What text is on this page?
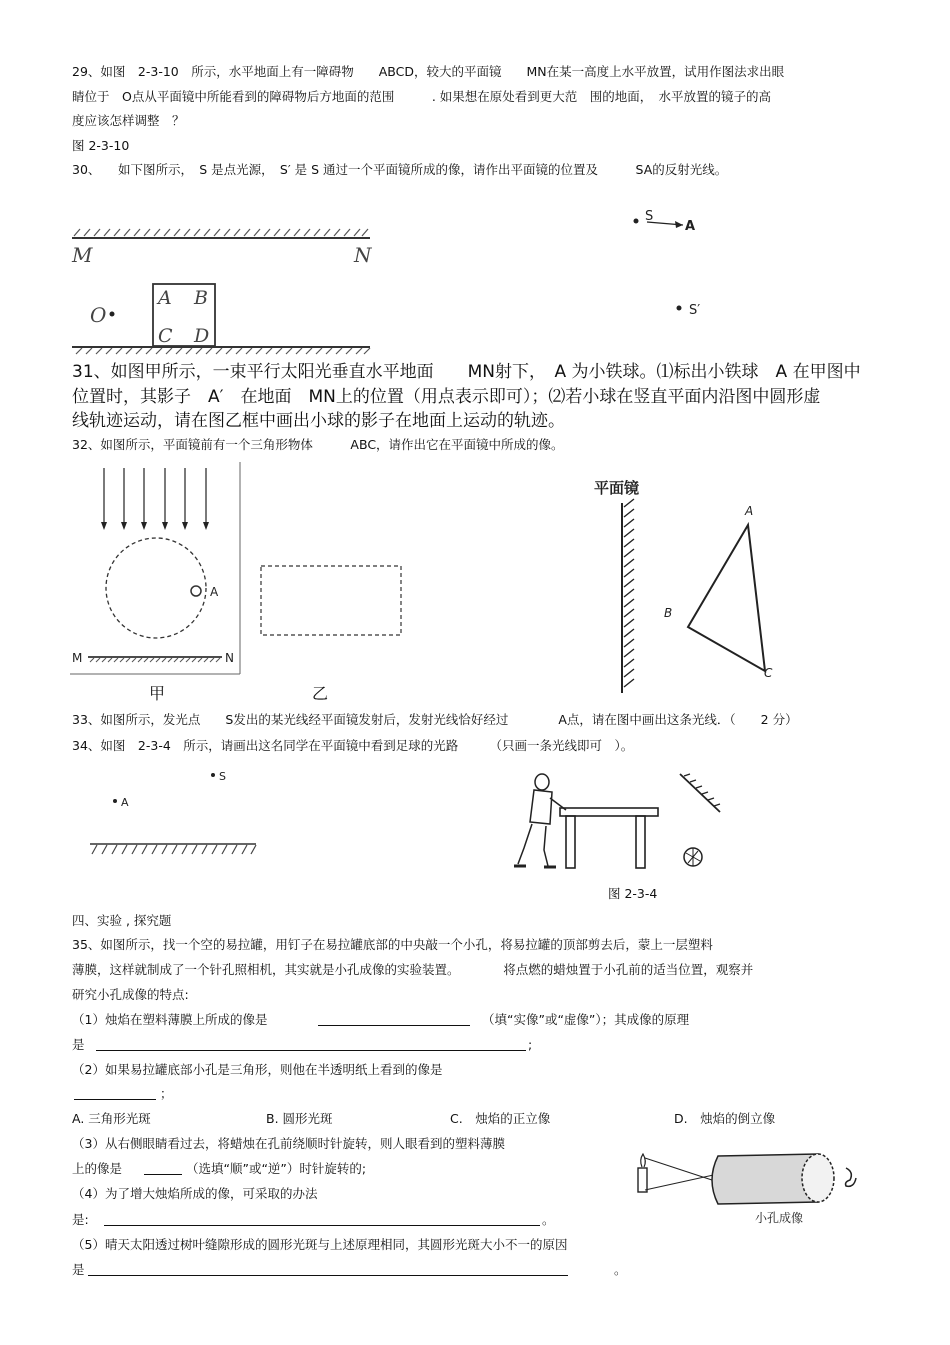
29、如图　2-3-10　所示，水平地面上有一障碍物　　ABCD，较大的平面镜　　MN在某一高度上水平放置，试用作图法求出眼
睛位于　O点从平面镜中所能看到的障碍物后方地面的范围　　　. 如果想在原处看到更大范　围的地面，　水平放置的镜子的高
度应该怎样调整　？
图 2-3-10
30、 如下图所示，　S 是点光源，　S′ 是 S 通过一个平面镜所成的像，请作出平面镜的位置及　　　SA的反射光线。
M	N
O
A B
C D
S
A
S′
31、如图甲所示，一束平行太阳光垂直水平地面　　MN射下，　A 为小铁球。⑴标出小铁球　A 在甲图中
位置时，其影子　A′　在地面　MN上的位置（用点表示即可）；⑵若小球在竖直平面内沿图中圆形虚
线轨迹运动，请在图乙框中画出小球的影子在地面上运动的轨迹。
32、如图所示，平面镜前有一个三角形物体　　　ABC，请作出它在平面镜中所成的像。
A
M	N
甲	乙
平面镜
A
B
C
33、如图所示，发光点　　S发出的某光线经平面镜发射后，发射光线恰好经过　　　　A点，请在图中画出这条光线．（　　2 分）
34、如图　2-3-4　所示，请画出这名同学在平面镜中看到足球的光路　　　（只画一条光线即可　）。
S
A
图 2-3-4
四、实验 , 探究题
35、如图所示，找一个空的易拉罐，用钉子在易拉罐底部的中央敲一个小孔，将易拉罐的顶部剪去后，蒙上一层塑料
薄膜，这样就制成了一个针孔照相机，其实就是小孔成像的实验装置。　　　　将点燃的蜡烛置于小孔前的适当位置，观察并
研究小孔成像的特点:
（1）烛焰在塑料薄膜上所成的像是	（填“实像”或“虚像”）；其成像的原理
是	;
（2）如果易拉罐底部小孔是三角形，则他在半透明纸上看到的像是
；
A. 三角形光斑	B. 圆形光斑	C.　烛焰的正立像	D.　烛焰的倒立像
（3）从右侧眼睛看过去，将蜡烛在孔前绕顺时针旋转，则人眼看到的塑料薄膜
上的像是	（选填“顺”或“逆”）时针旋转的;
（4）为了增大烛焰所成的像，可采取的办法
是:	。
（5）晴天太阳透过树叶缝隙形成的圆形光斑与上述原理相同，其圆形光斑大小不一的原因
是	。
小孔成像
